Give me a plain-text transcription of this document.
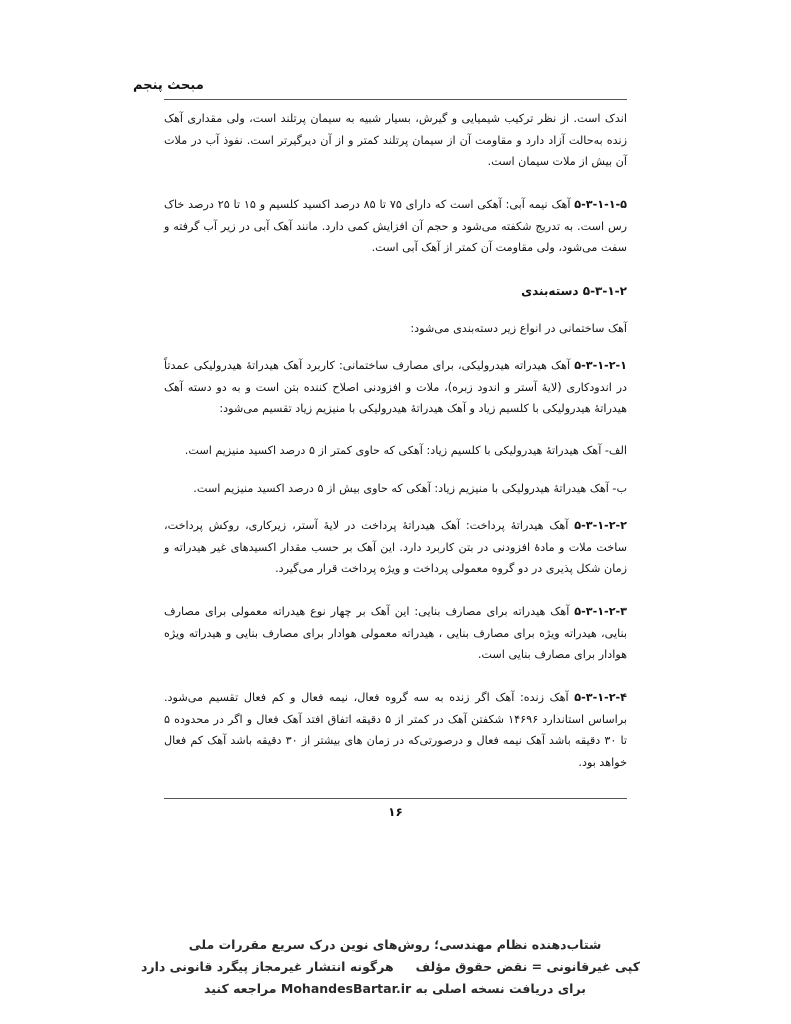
مبحث پنجم

اندک است. از نظر ترکیب شیمیایی و گیرش، بسیار شبیه به سیمان پرتلند است، ولی مقداری آهک زنده به‌حالت آزاد دارد و مقاومت آن از سیمان پرتلند کمتر و از آن دیرگیرتر است. نفوذ آب در ملات آن بیش از ملات سیمان است.

۵-۳-۱-۱-۵ آهک نیمه آبی: آهکی است که دارای ۷۵ تا ۸۵ درصد اکسید کلسیم و ۱۵ تا ۲۵ درصد خاک رس است. به تدریج شکفته می‌شود و حجم آن افزایش کمی دارد. مانند آهک آبی در زیر آب گرفته و سفت می‌شود، ولی مقاومت آن کمتر از آهک آبی است.

۵-۳-۱-۲ دسته‌بندی

آهک ساختمانی در انواع زیر دسته‌بندی می‌شود:

۵-۳-۱-۲-۱ آهک هیدراته هیدرولیکی، برای مصارف ساختمانی: کاربرد آهک هیدراتهٔ هیدرولیکی عمدتاً در اندودکاری (لایهٔ آستر و اندود زبره)، ملات و افزودنی اصلاح کننده بتن است و به دو دسته آهک هیدراتهٔ هیدرولیکی با کلسیم زیاد و آهک هیدراتهٔ هیدرولیکی با منیزیم زیاد تقسیم می‌شود:

الف- آهک هیدراتهٔ هیدرولیکی با کلسیم زیاد: آهکی که حاوی کمتر از ۵ درصد اکسید منیزیم است.

ب- آهک هیدراتهٔ هیدرولیکی با منیزیم زیاد: آهکی که حاوی بیش از ۵ درصد اکسید منیزیم است.

۵-۳-۱-۲-۲ آهک هیدراتهٔ پرداخت: آهک هیدراتهٔ پرداخت در لایهٔ آستر، زیرکاری، روکش پرداخت، ساخت ملات و مادهٔ افزودنی در بتن کاربرد دارد. این آهک بر حسب مقدار اکسیدهای غیر هیدراته و زمان شکل پذیری در دو گروه معمولی پرداخت و ویژه پرداخت قرار می‌گیرد.

۵-۳-۱-۲-۳ آهک هیدراته برای مصارف بنایی: این آهک بر چهار نوع هیدراته معمولی برای مصارف بنایی، هیدراته ویژه برای مصارف بنایی ، هیدراته معمولی هوادار برای مصارف بنایی و هیدراته ویژه هوادار برای مصارف بنایی است.

۵-۳-۱-۲-۴ آهک زنده: آهک اگر زنده به سه گروه فعال، نیمه فعال و کم فعال تقسیم می‌شود. براساس استاندارد ۱۴۶۹۶ شکفتن آهک در کمتر از ۵ دقیقه اتفاق افتد آهک فعال و اگر در محدوده ۵ تا ۳۰ دقیقه باشد آهک نیمه فعال و درصورتی‌که در زمان های بیشتر از ۳۰ دقیقه باشد آهک کم فعال خواهد بود.

۱۶
شتاب‌دهنده نظام مهندسی؛ روش‌های نوین درک سریع مقررات ملی
کپی غیرقانونی = نقض حقوق مؤلفهرگونه انتشار غیرمجاز پیگرد قانونی دارد
برای دریافت نسخه اصلی به MohandesBartar.ir مراجعه کنید
